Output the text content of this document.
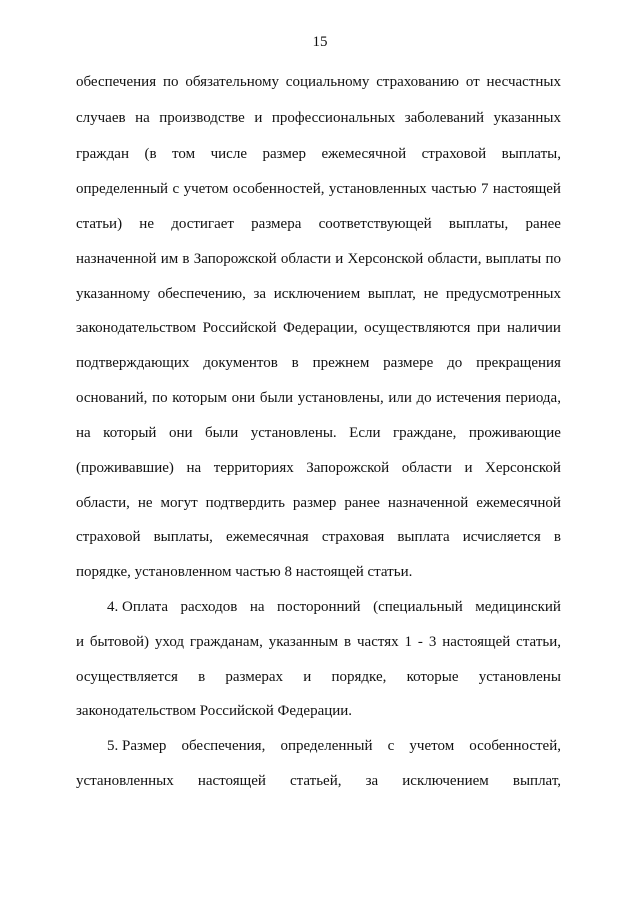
15
обеспечения по обязательному социальному страхованию от несчастных
случаев на производстве и профессиональных заболеваний указанных
граждан (в том числе размер ежемесячной страховой выплаты,
определенный с учетом особенностей, установленных частью 7 настоящей
статьи) не достигает размера соответствующей выплаты, ранее
назначенной им в Запорожской области и Херсонской области, выплаты по
указанному обеспечению, за исключением выплат, не предусмотренных
законодательством Российской Федерации, осуществляются при наличии
подтверждающих документов в прежнем размере до прекращения
оснований, по которым они были установлены, или до истечения периода,
на который они были установлены. Если граждане, проживающие
(проживавшие) на территориях Запорожской области и Херсонской
области, не могут подтвердить размер ранее назначенной ежемесячной
страховой выплаты, ежемесячная страховая выплата исчисляется в
порядке, установленном частью 8 настоящей статьи.
4. Оплата расходов на посторонний (специальный медицинский
и бытовой) уход гражданам, указанным в частях 1 - 3 настоящей статьи,
осуществляется в размерах и порядке, которые установлены
законодательством Российской Федерации.
5. Размер обеспечения, определенный с учетом особенностей,
установленных настоящей статьей, за исключением выплат,
